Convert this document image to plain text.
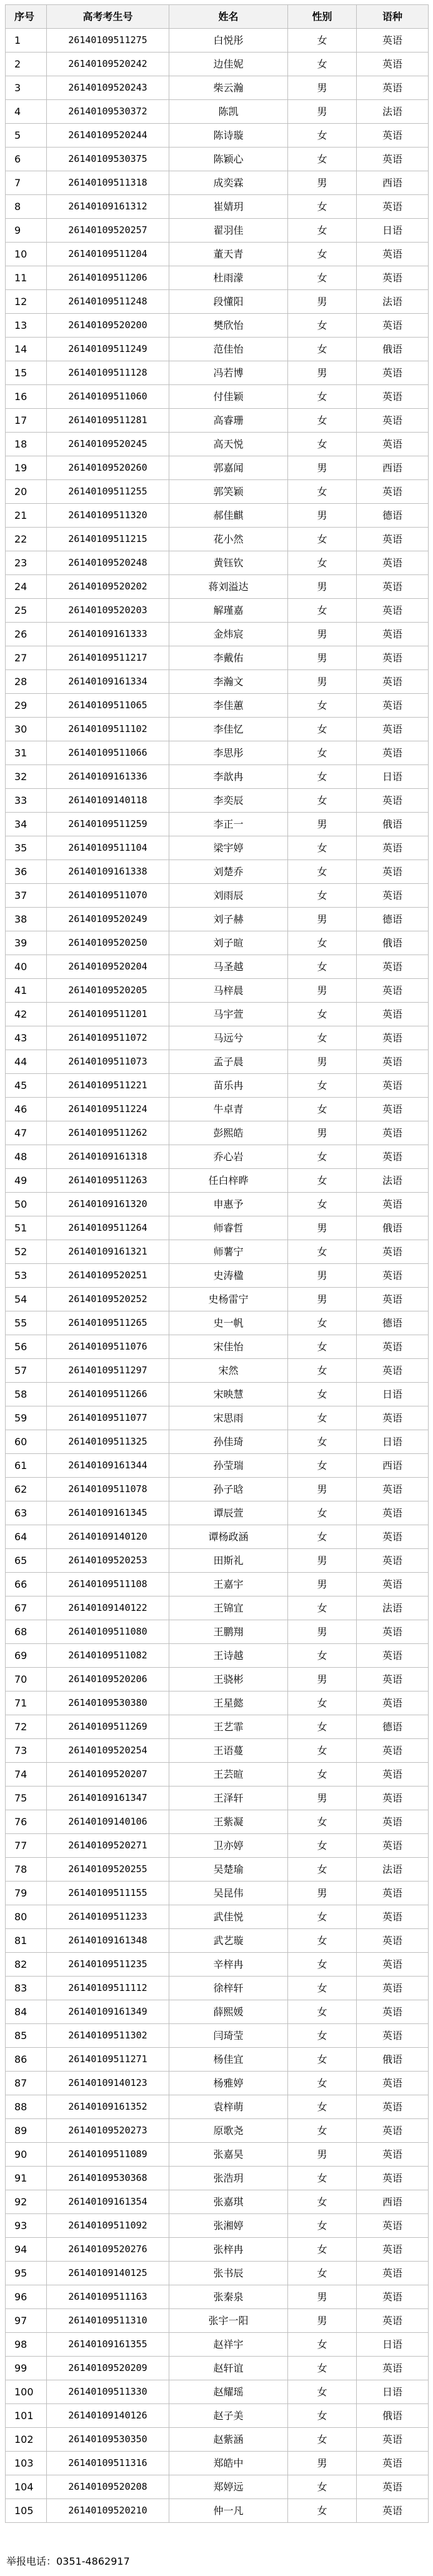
序号	高考考生号	姓名	性别	语种
1	26140109511275	白悦彤	女	英语
2	26140109520242	边佳妮	女	英语
3	26140109520243	柴云瀚	男	英语
4	26140109530372	陈凯	男	法语
5	26140109520244	陈诗璇	女	英语
6	26140109530375	陈颖心	女	英语
7	26140109511318	成奕霖	男	西语
8	26140109161312	崔婧玥	女	英语
9	26140109520257	翟羽佳	女	日语
10	26140109511204	董天青	女	英语
11	26140109511206	杜雨濛	女	英语
12	26140109511248	段懂阳	男	法语
13	26140109520200	樊欣怡	女	英语
14	26140109511249	范佳怡	女	俄语
15	26140109511128	冯若博	男	英语
16	26140109511060	付佳颖	女	英语
17	26140109511281	高睿珊	女	英语
18	26140109520245	高天悦	女	英语
19	26140109520260	郭嘉闻	男	西语
20	26140109511255	郭笑颖	女	英语
21	26140109511320	郝佳麒	男	德语
22	26140109511215	花小然	女	英语
23	26140109520248	黄钰钦	女	英语
24	26140109520202	蒋刘溢达	男	英语
25	26140109520203	解瑾嘉	女	英语
26	26140109161333	金炜宸	男	英语
27	26140109511217	李戴佑	男	英语
28	26140109161334	李瀚文	男	英语
29	26140109511065	李佳蕙	女	英语
30	26140109511102	李佳忆	女	英语
31	26140109511066	李思彤	女	英语
32	26140109161336	李歆冉	女	日语
33	26140109140118	李奕辰	女	英语
34	26140109511259	李正一	男	俄语
35	26140109511104	梁宇婷	女	英语
36	26140109161338	刘楚乔	女	英语
37	26140109511070	刘雨辰	女	英语
38	26140109520249	刘子赫	男	德语
39	26140109520250	刘子暄	女	俄语
40	26140109520204	马圣越	女	英语
41	26140109520205	马梓晨	男	英语
42	26140109511201	马宇萱	女	英语
43	26140109511072	马远兮	女	英语
44	26140109511073	孟子晨	男	英语
45	26140109511221	苗乐冉	女	英语
46	26140109511224	牛卓青	女	英语
47	26140109511262	彭熙皓	男	英语
48	26140109161318	乔心岩	女	英语
49	26140109511263	任白梓晔	女	法语
50	26140109161320	申惠予	女	英语
51	26140109511264	师睿哲	男	俄语
52	26140109161321	师薯宁	女	英语
53	26140109520251	史涛楹	男	英语
54	26140109520252	史杨雷宁	男	英语
55	26140109511265	史一帆	女	德语
56	26140109511076	宋佳怡	女	英语
57	26140109511297	宋然	女	英语
58	26140109511266	宋映慧	女	日语
59	26140109511077	宋思雨	女	英语
60	26140109511325	孙佳琦	女	日语
61	26140109161344	孙莹瑞	女	西语
62	26140109511078	孙子晗	男	英语
63	26140109161345	谭辰萱	女	英语
64	26140109140120	谭杨政涵	女	英语
65	26140109520253	田斯礼	男	英语
66	26140109511108	王嘉宇	男	英语
67	26140109140122	王锦宜	女	法语
68	26140109511080	王鹏翔	男	英语
69	26140109511082	王诗越	女	英语
70	26140109520206	王骁彬	男	英语
71	26140109530380	王星懿	女	英语
72	26140109511269	王艺霏	女	德语
73	26140109520254	王语蔓	女	英语
74	26140109520207	王芸暄	女	英语
75	26140109161347	王泽轩	男	英语
76	26140109140106	王紫凝	女	英语
77	26140109520271	卫亦婷	女	英语
78	26140109520255	吴楚瑜	女	法语
79	26140109511155	吴昆伟	男	英语
80	26140109511233	武佳悦	女	英语
81	26140109161348	武艺璇	女	英语
82	26140109511235	辛梓冉	女	英语
83	26140109511112	徐梓轩	女	英语
84	26140109161349	薛熙媛	女	英语
85	26140109511302	闫琦莹	女	英语
86	26140109511271	杨佳宜	女	俄语
87	26140109140123	杨雅婷	女	英语
88	26140109161352	袁梓萌	女	英语
89	26140109520273	原歌尧	女	英语
90	26140109511089	张嘉昊	男	英语
91	26140109530368	张浩玥	女	英语
92	26140109161354	张嘉琪	女	西语
93	26140109511092	张湘婷	女	英语
94	26140109520276	张梓冉	女	英语
95	26140109140125	张书辰	女	英语
96	26140109511163	张秦泉	男	英语
97	26140109511310	张宇一阳	男	英语
98	26140109161355	赵祥宇	女	日语
99	26140109520209	赵轩谊	女	英语
100	26140109511330	赵耀瑶	女	日语
101	26140109140126	赵子美	女	俄语
102	26140109530350	赵紫涵	女	英语
103	26140109511316	郑皓中	男	英语
104	26140109520208	郑婷远	女	英语
105	26140109520210	仲一凡	女	英语
举报电话：0351-4862917
